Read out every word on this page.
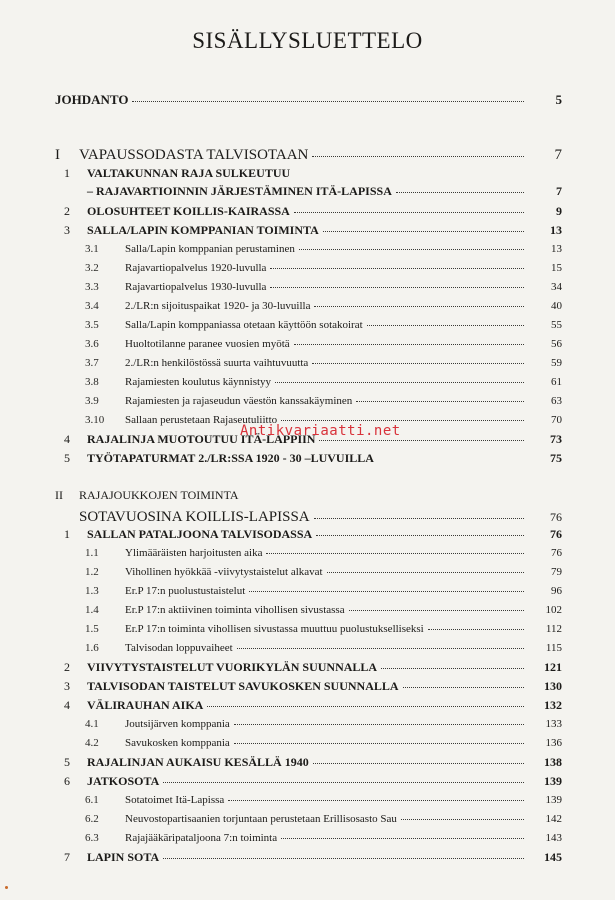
SISÄLLYSLUETTELO
JOHDANTO	5
I	VAPAUSSODASTA TALVISOTAAN	7
1 VALTAKUNNAN RAJA SULKEUTUU
– RAJAVARTIOINNIN JÄRJESTÄMINEN ITÄ-LAPISSA	7
2	OLOSUHTEET KOILLIS-KAIRASSA	9
3	SALLA/LAPIN KOMPPANIAN TOIMINTA	13
3.1	Salla/Lapin komppanian perustaminen	13
3.2	Rajavartiopalvelus 1920-luvulla	15
3.3	Rajavartiopalvelus 1930-luvulla	34
3.4	2./LR:n sijoituspaikat 1920- ja 30-luvuilla	40
3.5	Salla/Lapin komppaniassa otetaan käyttöön sotakoirat	55
3.6	Huoltotilanne paranee vuosien myötä	56
3.7	2./LR:n henkilöstössä suurta vaihtuvuutta	59
3.8	Rajamiesten koulutus käynnistyy	61
3.9	Rajamiesten ja rajaseudun väestön kanssakäyminen	63
3.10	Sallaan perustetaan Rajaseutuliitto	70
Antikvariaatti.net
4	RAJALINJA MUOTOUTUU ITÄ-LAPPIIN	73
5	TYÖTAPATURMAT 2./LR:SSA 1920 - 30 –LUVUILLA	75
II RAJAJOUKKOJEN TOIMINTA
SOTAVUOSINA KOILLIS-LAPISSA	76
1	SALLAN PATALJOONA TALVISODASSA	76
1.1	Ylimääräisten harjoitusten aika	76
1.2	Vihollinen hyökkää -viivytystaistelut alkavat	79
1.3	Er.P 17:n puolustustaistelut	96
1.4	Er.P 17:n aktiivinen toiminta vihollisen sivustassa	102
1.5	Er.P 17:n toiminta vihollisen sivustassa muuttuu puolustukselliseksi	112
1.6	Talvisodan loppuvaiheet	115
2	VIIVYTYSTAISTELUT VUORIKYLÄN SUUNNALLA	121
3	TALVISODAN TAISTELUT SAVUKOSKEN SUUNNALLA	130
4	VÄLIRAUHAN AIKA	132
4.1	Joutsijärven komppania	133
4.2	Savukosken komppania	136
5	RAJALINJAN AUKAISU KESÄLLÄ 1940	138
6	JATKOSOTA	139
6.1	Sotatoimet Itä-Lapissa	139
6.2	Neuvostopartisaanien torjuntaan perustetaan Erillisosasto Sau	142
6.3	Rajajääkäripataljoona 7:n toiminta	143
7	LAPIN SOTA	145
